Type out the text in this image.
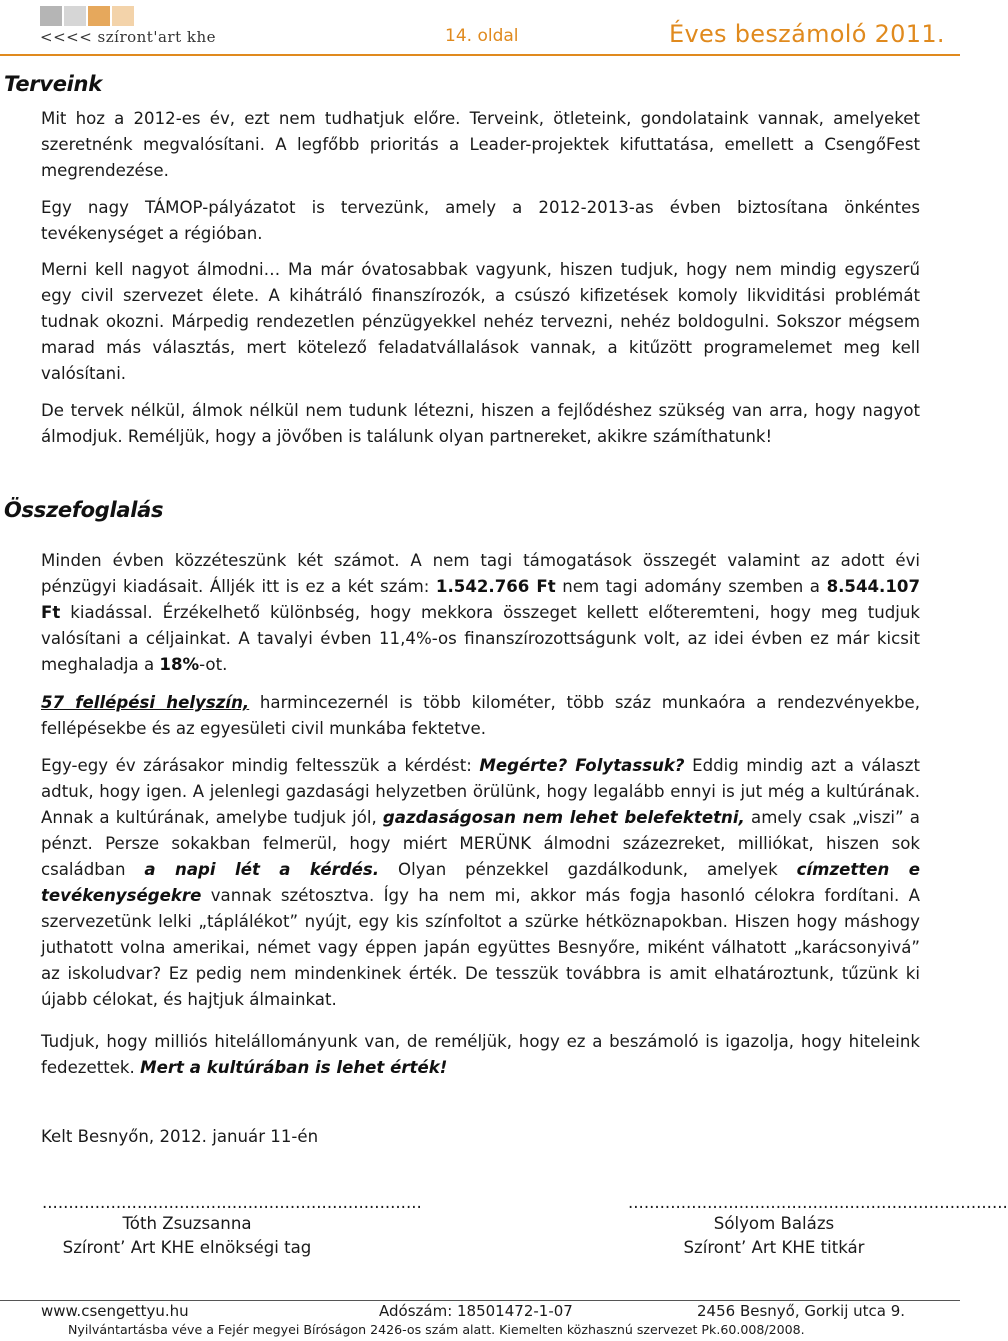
<<<< szíront'art khe	14. oldal	Éves beszámoló 2011.
Terveink

Mit hoz a 2012-es év, ezt nem tudhatjuk előre. Terveink, ötleteink, gondolataink vannak, amelyeket szeretnénk megvalósítani. A legfőbb prioritás a Leader-projektek kifuttatása, emellett a CsengőFest megrendezése.

Egy nagy TÁMOP-pályázatot is tervezünk, amely a 2012-2013-as évben biztosítana önkéntes tevékenységet a régióban.

Merni kell nagyot álmodni… Ma már óvatosabbak vagyunk, hiszen tudjuk, hogy nem mindig egyszerű egy civil szervezet élete. A kihátráló finanszírozók, a csúszó kifizetések komoly likviditási problémát tudnak okozni. Márpedig rendezetlen pénzügyekkel nehéz tervezni, nehéz boldogulni. Sokszor mégsem marad más választás, mert kötelező feladatvállalások vannak, a kitűzött programelemet meg kell valósítani.

De tervek nélkül, álmok nélkül nem tudunk létezni, hiszen a fejlődéshez szükség van arra, hogy nagyot álmodjuk. Reméljük, hogy a jövőben is találunk olyan partnereket, akikre számíthatunk!

Összefoglalás

Minden évben közzéteszünk két számot. A nem tagi támogatások összegét valamint az adott évi pénzügyi kiadásait. Álljék itt is ez a két szám: 1.542.766 Ft nem tagi adomány szemben a 8.544.107 Ft kiadással. Érzékelhető különbség, hogy mekkora összeget kellett előteremteni, hogy meg tudjuk valósítani a céljainkat. A tavalyi évben 11,4%-os finanszírozottságunk volt, az idei évben ez már kicsit meghaladja a 18%-ot.

57 fellépési helyszín, harmincezernél is több kilométer, több száz munkaóra a rendezvényekbe, fellépésekbe és az egyesületi civil munkába fektetve.

Egy-egy év zárásakor mindig feltesszük a kérdést: Megérte? Folytassuk? Eddig mindig azt a választ adtuk, hogy igen. A jelenlegi gazdasági helyzetben örülünk, hogy legalább ennyi is jut még a kultúrának. Annak a kultúrának, amelybe tudjuk jól, gazdaságosan nem lehet belefektetni, amely csak „viszi” a pénzt. Persze sokakban felmerül, hogy miért MERÜNK álmodni százezreket, milliókat, hiszen sok családban a napi lét a kérdés. Olyan pénzekkel gazdálkodunk, amelyek címzetten e tevékenységekre vannak szétosztva. Így ha nem mi, akkor más fogja hasonló célokra fordítani. A szervezetünk lelki „táplálékot” nyújt, egy kis színfoltot a szürke hétköznapokban. Hiszen hogy máshogy juthatott volna amerikai, német vagy éppen japán együttes Besnyőre, miként válhatott „karácsonyivá” az iskoludvar? Ez pedig nem mindenkinek érték. De tesszük továbbra is amit elhatároztunk, tűzünk ki újabb célokat, és hajtjuk álmainkat.

Tudjuk, hogy milliós hitelállományunk van, de reméljük, hogy ez a beszámoló is igazolja, hogy hiteleink fedezettek. Mert a kultúrában is lehet érték!

Kelt Besnyőn, 2012. január 11-én
........................................................................
Tóth Zsuzsanna
Szíront’ Art KHE elnökségi tag
........................................................................
Sólyom Balázs
Szíront’ Art KHE titkár
www.csengettyu.hu	Adószám: 18501472-1-07	2456 Besnyő, Gorkij utca 9.
Nyilvántartásba véve a Fejér megyei Bíróságon 2426-os szám alatt. Kiemelten közhasznú szervezet Pk.60.008/2008.
